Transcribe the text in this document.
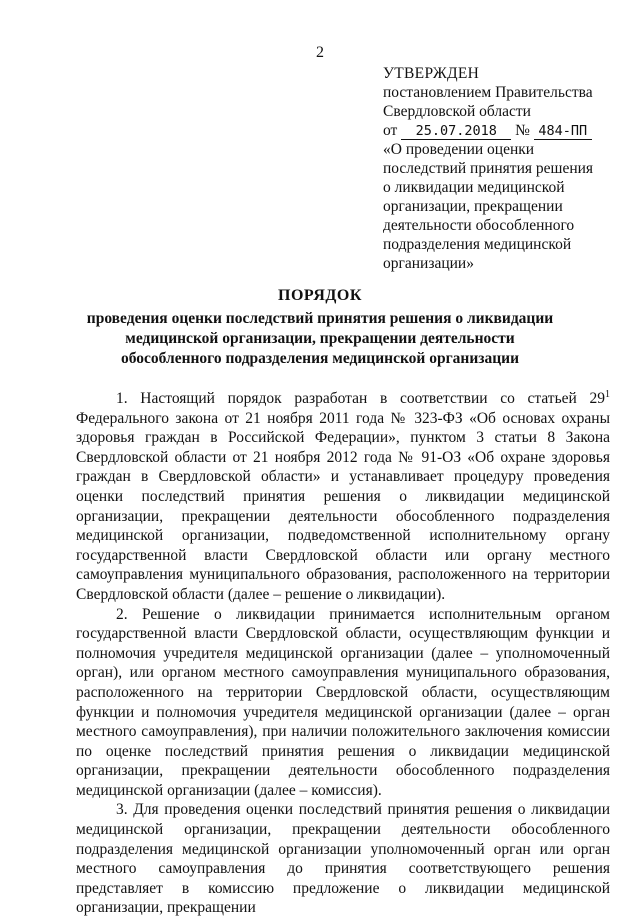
2
УТВЕРЖДЕН
постановлением Правительства
Свердловской области
от 25.07.2018 № 484-ПП
«О проведении оценки
последствий принятия решения
о ликвидации медицинской
организации, прекращении
деятельности обособленного
подразделения медицинской
организации»
ПОРЯДОК
проведения оценки последствий принятия решения о ликвидации медицинской организации, прекращении деятельности обособленного подразделения медицинской организации

1. Настоящий порядок разработан в соответствии со статьей $29^1$ Федерального закона от 21 ноября 2011 года № 323-ФЗ «Об основах охраны здоровья граждан в Российской Федерации», пунктом 3 статьи 8 Закона Свердловской области от 21 ноября 2012 года № 91-ОЗ «Об охране здоровья граждан в Свердловской области» и устанавливает процедуру проведения оценки последствий принятия решения о ликвидации медицинской организации, прекращении деятельности обособленного подразделения медицинской организации, подведомственной исполнительному органу государственной власти Свердловской области или органу местного самоуправления муниципального образования, расположенного на территории Свердловской области (далее – решение о ликвидации).

2. Решение о ликвидации принимается исполнительным органом государственной власти Свердловской области, осуществляющим функции и полномочия учредителя медицинской организации (далее – уполномоченный орган), или органом местного самоуправления муниципального образования, расположенного на территории Свердловской области, осуществляющим функции и полномочия учредителя медицинской организации (далее – орган местного самоуправления), при наличии положительного заключения комиссии по оценке последствий принятия решения о ликвидации медицинской организации, прекращении деятельности обособленного подразделения медицинской организации (далее – комиссия).

3. Для проведения оценки последствий принятия решения о ликвидации медицинской организации, прекращении деятельности обособленного подразделения медицинской организации уполномоченный орган или орган местного самоуправления до принятия соответствующего решения представляет в комиссию предложение о ликвидации медицинской организации, прекращении
